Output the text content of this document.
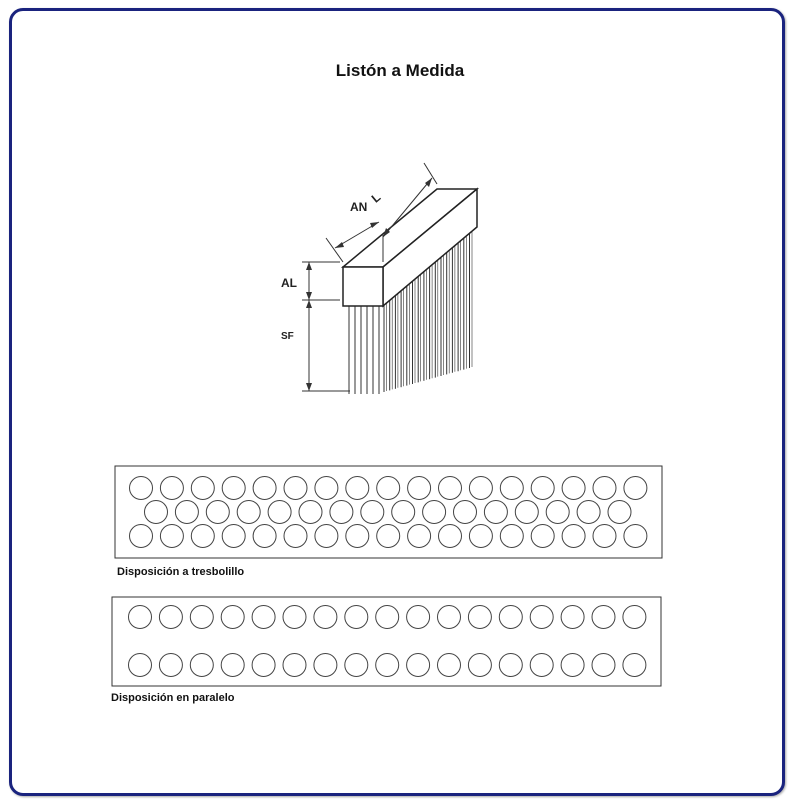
Listón a Medida
AN
L
AL
SF
Disposición a tresbolillo
Disposición en paralelo
